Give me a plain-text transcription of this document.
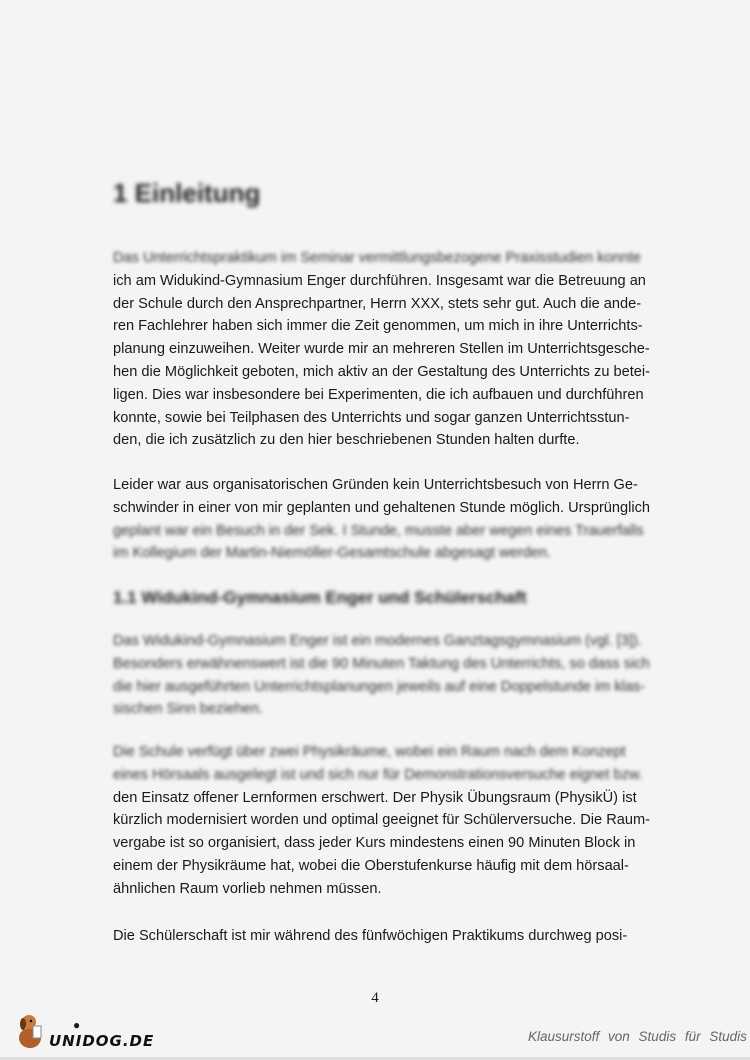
1 Einleitung
Das Unterrichtspraktikum im Seminar vermittlungsbezogene Praxisstudien konnte
ich am Widukind-Gymnasium Enger durchführen. Insgesamt war die Betreuung an
der Schule durch den Ansprechpartner, Herrn XXX, stets sehr gut. Auch die ande-
ren Fachlehrer haben sich immer die Zeit genommen, um mich in ihre Unterrichts-
planung einzuweihen. Weiter wurde mir an mehreren Stellen im Unterrichtsgesche-
hen die Möglichkeit geboten, mich aktiv an der Gestaltung des Unterrichts zu betei-
ligen. Dies war insbesondere bei Experimenten, die ich aufbauen und durchführen
konnte, sowie bei Teilphasen des Unterrichts und sogar ganzen Unterrichtsstun-
den, die ich zusätzlich zu den hier beschriebenen Stunden halten durfte.
Leider war aus organisatorischen Gründen kein Unterrichtsbesuch von Herrn Ge-
schwinder in einer von mir geplanten und gehaltenen Stunde möglich. Ursprünglich
geplant war ein Besuch in der Sek. I Stunde, musste aber wegen eines Trauerfalls
im Kollegium der Martin-Niemöller-Gesamtschule abgesagt werden.
1.1 Widukind-Gymnasium Enger und Schülerschaft
Das Widukind-Gymnasium Enger ist ein modernes Ganztagsgymnasium (vgl. [3]).
Besonders erwähnenswert ist die 90 Minuten Taktung des Unterrichts, so dass sich
die hier ausgeführten Unterrichtsplanungen jeweils auf eine Doppelstunde im klas-
sischen Sinn beziehen.
Die Schule verfügt über zwei Physikräume, wobei ein Raum nach dem Konzept
eines Hörsaals ausgelegt ist und sich nur für Demonstrationsversuche eignet bzw.
den Einsatz offener Lernformen erschwert. Der Physik Übungsraum (PhysikÜ) ist
kürzlich modernisiert worden und optimal geeignet für Schülerversuche. Die Raum-
vergabe ist so organisiert, dass jeder Kurs mindestens einen 90 Minuten Block in
einem der Physikräume hat, wobei die Oberstufenkurse häufig mit dem hörsaal-
ähnlichen Raum vorlieb nehmen müssen.
Die Schülerschaft ist mir während des fünfwöchigen Praktikums durchweg posi-
4
●
UNIDOG.DE	Klausurstoff von Studis für Studis
